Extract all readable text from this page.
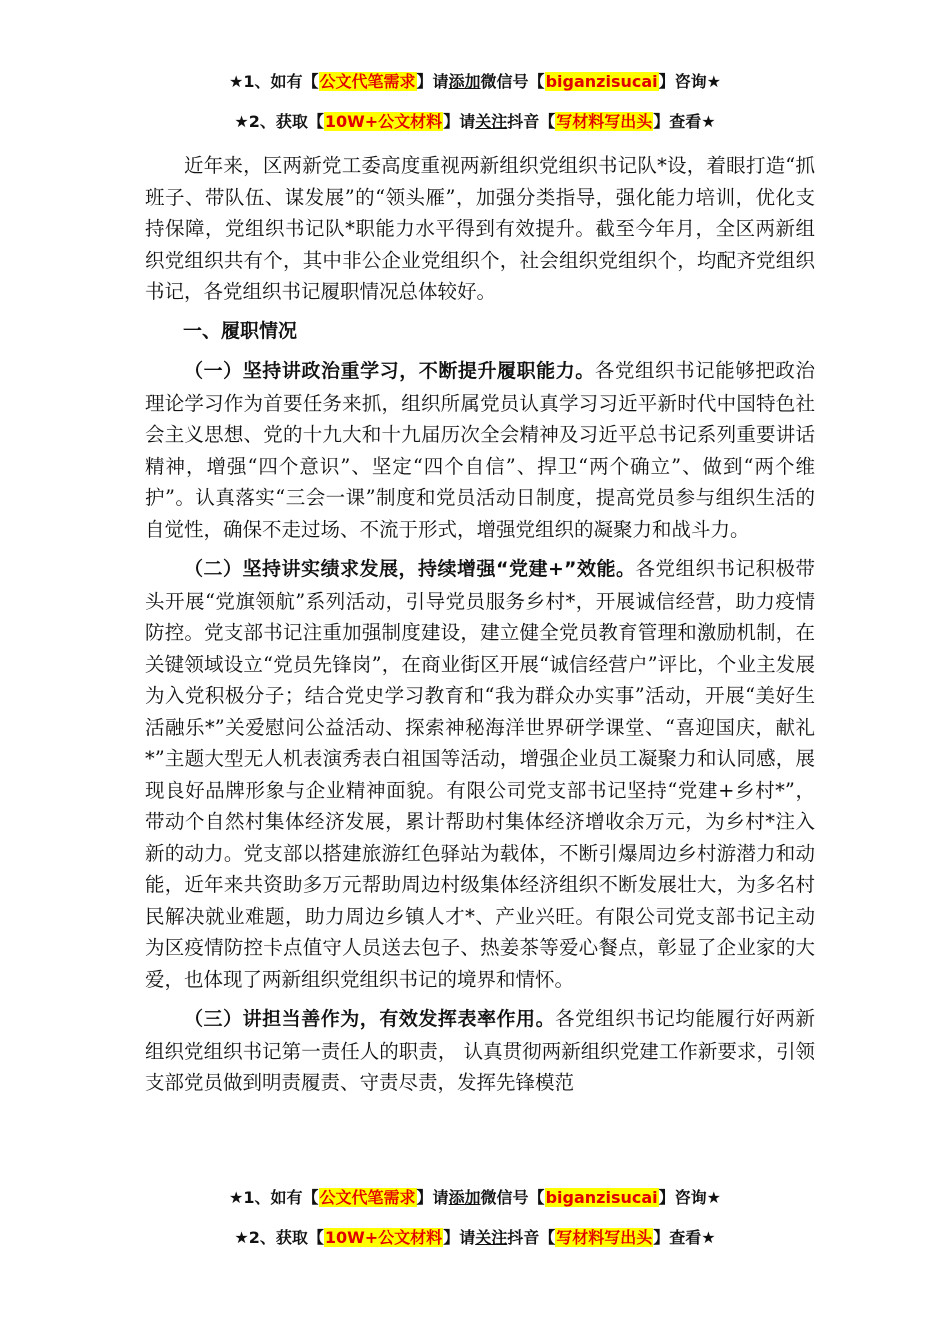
★1、如有【公文代笔需求】请添加微信号【biganzisucai】咨询★
★2、获取【10W+公文材料】请关注抖音【写材料写出头】查看★

近年来，区两新党工委高度重视两新组织党组织书记队*设，着眼打造“抓班子、带队伍、谋发展”的“领头雁”，加强分类指导，强化能力培训，优化支持保障，党组织书记队*职能力水平得到有效提升。截至今年月，全区两新组织党组织共有个，其中非公企业党组织个，社会组织党组织个，均配齐党组织书记，各党组织书记履职情况总体较好。

一、履职情况

（一）坚持讲政治重学习，不断提升履职能力。各党组织书记能够把政治理论学习作为首要任务来抓，组织所属党员认真学习习近平新时代中国特色社会主义思想、党的十九大和十九届历次全会精神及习近平总书记系列重要讲话精神，增强“四个意识”、坚定“四个自信”、捍卫“两个确立”、做到“两个维护”。认真落实“三会一课”制度和党员活动日制度，提高党员参与组织生活的自觉性，确保不走过场、不流于形式，增强党组织的凝聚力和战斗力。

（二）坚持讲实绩求发展，持续增强“党建+”效能。各党组织书记积极带头开展“党旗领航”系列活动，引导党员服务乡村*，开展诚信经营，助力疫情防控。党支部书记注重加强制度建设，建立健全党员教育管理和激励机制，在关键领域设立“党员先锋岗”，在商业街区开展“诚信经营户”评比，个业主发展为入党积极分子；结合党史学习教育和“我为群众办实事”活动，开展“美好生活融乐*”关爱慰问公益活动、探索神秘海洋世界研学课堂、“喜迎国庆，献礼*”主题大型无人机表演秀表白祖国等活动，增强企业员工凝聚力和认同感，展现良好品牌形象与企业精神面貌。有限公司党支部书记坚持“党建+乡村*”，带动个自然村集体经济发展，累计帮助村集体经济增收余万元，为乡村*注入新的动力。党支部以搭建旅游红色驿站为载体，不断引爆周边乡村游潜力和动能，近年来共资助多万元帮助周边村级集体经济组织不断发展壮大，为多名村民解决就业难题，助力周边乡镇人才*、产业兴旺。有限公司党支部书记主动为区疫情防控卡点值守人员送去包子、热姜茶等爱心餐点，彰显了企业家的大爱，也体现了两新组织党组织书记的境界和情怀。

（三）讲担当善作为，有效发挥表率作用。各党组织书记均能履行好两新组织党组织书记第一责任人的职责， 认真贯彻两新组织党建工作新要求，引领支部党员做到明责履责、守责尽责，发挥先锋模范

★1、如有【公文代笔需求】请添加微信号【biganzisucai】咨询★
★2、获取【10W+公文材料】请关注抖音【写材料写出头】查看★
